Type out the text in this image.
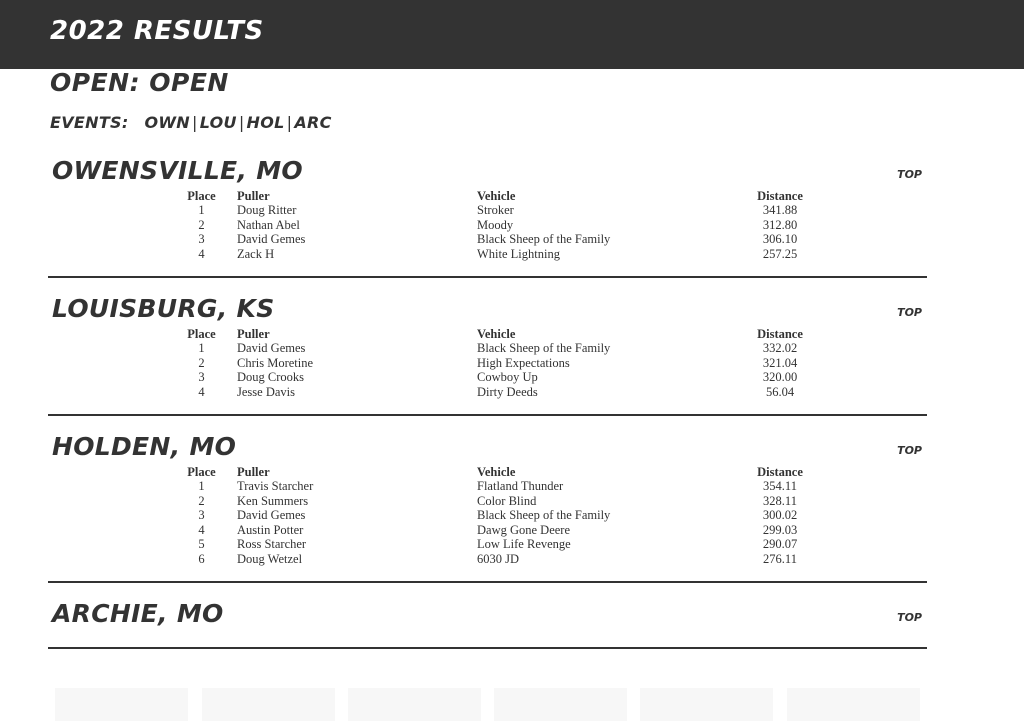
2022 RESULTS
OPEN: OPEN
EVENTS: OWN | LOU | HOL | ARC
OWENSVILLE, MO	TOP
Place	Puller	Vehicle	Distance
1	Doug Ritter	Stroker	341.88
2	Nathan Abel	Moody	312.80
3	David Gemes	Black Sheep of the Family	306.10
4	Zack H	White Lightning	257.25
LOUISBURG, KS	TOP
Place	Puller	Vehicle	Distance
1	David Gemes	Black Sheep of the Family	332.02
2	Chris Moretine	High Expectations	321.04
3	Doug Crooks	Cowboy Up	320.00
4	Jesse Davis	Dirty Deeds	56.04
HOLDEN, MO	TOP
Place	Puller	Vehicle	Distance
1	Travis Starcher	Flatland Thunder	354.11
2	Ken Summers	Color Blind	328.11
3	David Gemes	Black Sheep of the Family	300.02
4	Austin Potter	Dawg Gone Deere	299.03
5	Ross Starcher	Low Life Revenge	290.07
6	Doug Wetzel	6030 JD	276.11
ARCHIE, MO	TOP
